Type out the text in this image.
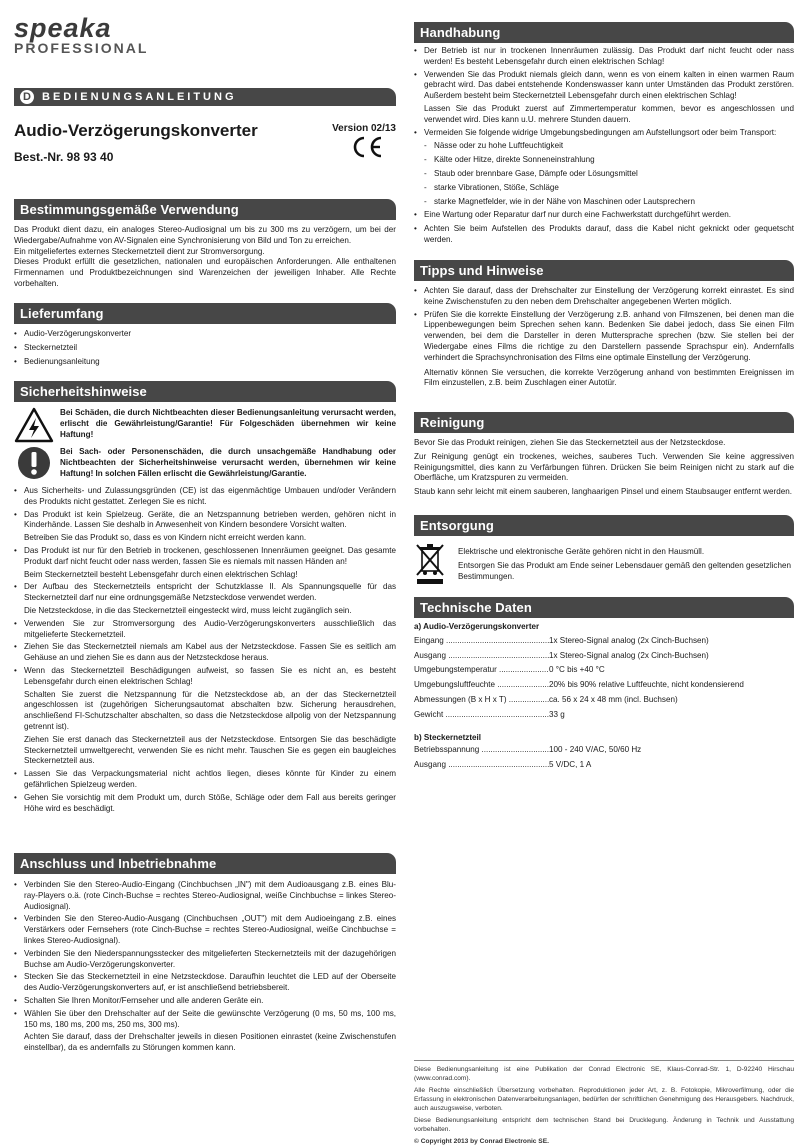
speaka
PROFESSIONAL
D BEDIENUNGSANLEITUNG
Audio-Verzögerungskonverter	Version 02/13
Best.-Nr. 98 93 40
Bestimmungsgemäße Verwendung

Das Produkt dient dazu, ein analoges Stereo-Audiosignal um bis zu 300 ms zu verzögern, um bei der Wiedergabe/Aufnahme von AV-Signalen eine Synchronisierung von Bild und Ton zu erreichen.

Ein mitgeliefertes externes Steckernetzteil dient zur Stromversorgung.

Dieses Produkt erfüllt die gesetzlichen, nationalen und europäischen Anforderungen. Alle enthaltenen Firmennamen und Produktbezeichnungen sind Warenzeichen der jeweiligen Inhaber. Alle Rechte vorbehalten.

Lieferumfang
• Audio-Verzögerungskonverter
• Steckernetzteil
• Bedienungsanleitung
Sicherheitshinweise
Bei Schäden, die durch Nichtbeachten dieser Bedienungsanleitung verursacht werden, erlischt die Gewährleistung/Garantie! Für Folgeschäden übernehmen wir keine Haftung!
Bei Sach- oder Personenschäden, die durch unsachgemäße Handhabung oder Nichtbeachten der Sicherheitshinweise verursacht werden, übernehmen wir keine Haftung! In solchen Fällen erlischt die Gewährleistung/Garantie.
• Aus Sicherheits- und Zulassungsgründen (CE) ist das eigenmächtige Umbauen und/oder Verändern des Produkts nicht gestattet. Zerlegen Sie es nicht.
• Das Produkt ist kein Spielzeug. Geräte, die an Netzspannung betrieben werden, gehören nicht in Kinderhände. Lassen Sie deshalb in Anwesenheit von Kindern besondere Vorsicht walten.

Betreiben Sie das Produkt so, dass es von Kindern nicht erreicht werden kann.

• Das Produkt ist nur für den Betrieb in trockenen, geschlossenen Innenräumen geeignet. Das gesamte Produkt darf nicht feucht oder nass werden, fassen Sie es niemals mit nassen Händen an!

Beim Steckernetzteil besteht Lebensgefahr durch einen elektrischen Schlag!

• Der Aufbau des Steckernetzteils entspricht der Schutzklasse II. Als Spannungsquelle für das Steckernetzteil darf nur eine ordnungsgemäße Netzsteckdose verwendet werden.

Die Netzsteckdose, in die das Steckernetzteil eingesteckt wird, muss leicht zugänglich sein.

• Verwenden Sie zur Stromversorgung des Audio-Verzögerungskonverters ausschließlich das mitgelieferte Steckernetzteil.
• Ziehen Sie das Steckernetzteil niemals am Kabel aus der Netzsteckdose. Fassen Sie es seitlich am Gehäuse an und ziehen Sie es dann aus der Netzsteckdose heraus.
• Wenn das Steckernetzteil Beschädigungen aufweist, so fassen Sie es nicht an, es besteht Lebensgefahr durch einen elektrischen Schlag!

Schalten Sie zuerst die Netzspannung für die Netzsteckdose ab, an der das Steckernetzteil angeschlossen ist (zugehörigen Sicherungsautomat abschalten bzw. Sicherung herausdrehen, anschließend FI-Schutzschalter abschalten, so dass die Netzsteckdose allpolig von der Netzspannung getrennt ist).

Ziehen Sie erst danach das Steckernetzteil aus der Netzsteckdose. Entsorgen Sie das beschädigte Steckernetzteil umweltgerecht, verwenden Sie es nicht mehr. Tauschen Sie es gegen ein baugleiches Steckernetzteil aus.

• Lassen Sie das Verpackungsmaterial nicht achtlos liegen, dieses könnte für Kinder zu einem gefährlichen Spielzeug werden.
• Gehen Sie vorsichtig mit dem Produkt um, durch Stöße, Schläge oder dem Fall aus bereits geringer Höhe wird es beschädigt.
Anschluss und Inbetriebnahme
• Verbinden Sie den Stereo-Audio-Eingang (Cinchbuchsen „IN") mit dem Audioausgang z.B. eines Blu-ray-Players o.ä. (rote Cinch-Buchse = rechtes Stereo-Audiosignal, weiße Cinchbuchse = linkes Stereo-Audiosignal).
• Verbinden Sie den Stereo-Audio-Ausgang (Cinchbuchsen „OUT") mit dem Audioeingang z.B. eines Verstärkers oder Fernsehers (rote Cinch-Buchse = rechtes Stereo-Audiosignal, weiße Cinchbuchse = linkes Stereo-Audiosignal).
• Verbinden Sie den Niederspannungsstecker des mitgelieferten Steckernetzteils mit der dazugehörigen Buchse am Audio-Verzögerungskonverter.
• Stecken Sie das Steckernetzteil in eine Netzsteckdose. Daraufhin leuchtet die LED auf der Oberseite des Audio-Verzögerungskonverters auf, er ist anschließend betriebsbereit.
• Schalten Sie Ihren Monitor/Fernseher und alle anderen Geräte ein.
• Wählen Sie über den Drehschalter auf der Seite die gewünschte Verzögerung (0 ms, 50 ms, 100 ms, 150 ms, 180 ms, 200 ms, 250 ms, 300 ms).

Achten Sie darauf, dass der Drehschalter jeweils in diesen Positionen einrastet (keine Zwischenstufen einstellbar), da es andernfalls zu Störungen kommen kann.

Handhabung
• Der Betrieb ist nur in trockenen Innenräumen zulässig. Das Produkt darf nicht feucht oder nass werden! Es besteht Lebensgefahr durch einen elektrischen Schlag!
• Verwenden Sie das Produkt niemals gleich dann, wenn es von einem kalten in einen warmen Raum gebracht wird. Das dabei entstehende Kondenswasser kann unter Umständen das Produkt zerstören. Außerdem besteht beim Steckernetzteil Lebensgefahr durch einen elektrischen Schlag!

Lassen Sie das Produkt zuerst auf Zimmertemperatur kommen, bevor es angeschlossen und verwendet wird. Dies kann u.U. mehrere Stunden dauern.

• Vermeiden Sie folgende widrige Umgebungsbedingungen am Aufstellungsort oder beim Transport:
- Nässe oder zu hohe Luftfeuchtigkeit
- Kälte oder Hitze, direkte Sonneneinstrahlung
- Staub oder brennbare Gase, Dämpfe oder Lösungsmittel
- starke Vibrationen, Stöße, Schläge
- starke Magnetfelder, wie in der Nähe von Maschinen oder Lautsprechern
• Eine Wartung oder Reparatur darf nur durch eine Fachwerkstatt durchgeführt werden.
• Achten Sie beim Aufstellen des Produkts darauf, dass die Kabel nicht geknickt oder gequetscht werden.
Tipps und Hinweise
• Achten Sie darauf, dass der Drehschalter zur Einstellung der Verzögerung korrekt einrastet. Es sind keine Zwischenstufen zu den neben dem Drehschalter angegebenen Werten möglich.
• Prüfen Sie die korrekte Einstellung der Verzögerung z.B. anhand von Filmszenen, bei denen man die Lippenbewegungen beim Sprechen sehen kann. Bedenken Sie dabei jedoch, dass Sie einen Film verwenden, bei dem die Darsteller in deren Muttersprache sprechen (bzw. Sie stellen bei der Wiedergabe eines Films die richtige zu den Darstellern passende Sprachspur ein). Andernfalls verhindert die Sprachsynchronisation des Films eine optimale Einstellung der Verzögerung.

Alternativ können Sie versuchen, die korrekte Verzögerung anhand von bestimmten Ereignissen im Film einzustellen, z.B. beim Zuschlagen einer Autotür.

Reinigung

Bevor Sie das Produkt reinigen, ziehen Sie das Steckernetzteil aus der Netzsteckdose.

Zur Reinigung genügt ein trockenes, weiches, sauberes Tuch. Verwenden Sie keine aggressiven Reinigungsmittel, dies kann zu Verfärbungen führen. Drücken Sie beim Reinigen nicht zu stark auf die Oberfläche, um Kratzspuren zu vermeiden.

Staub kann sehr leicht mit einem sauberen, langhaarigen Pinsel und einem Staubsauger entfernt werden.

Entsorgung

Elektrische und elektronische Geräte gehören nicht in den Hausmüll.

Entsorgen Sie das Produkt am Ende seiner Lebensdauer gemäß den geltenden gesetzlichen Bestimmungen.

Technische Daten

a) Audio-Verzögerungskonverter

Eingang .....	1x Stereo-Signal analog (2x Cinch-Buchsen)
Ausgang .....	1x Stereo-Signal analog (2x Cinch-Buchsen)
Umgebungstemperatur .....	0 °C bis +40 °C
Umgebungsluftfeuchte .....	20% bis 90% relative Luftfeuchte, nicht kondensierend
Abmessungen (B x H x T) .....	ca. 56 x 24 x 48 mm (incl. Buchsen)
Gewicht .....	33 g

b) Steckernetzteil

Betriebsspannung .....	100 - 240 V/AC, 50/60 Hz
Ausgang .....	5 V/DC, 1 A

Diese Bedienungsanleitung ist eine Publikation der Conrad Electronic SE, Klaus-Conrad-Str. 1, D-92240 Hirschau (www.conrad.com).

Alle Rechte einschließlich Übersetzung vorbehalten. Reproduktionen jeder Art, z. B. Fotokopie, Mikroverfilmung, oder die Erfassung in elektronischen Datenverarbeitungsanlagen, bedürfen der schriftlichen Genehmigung des Herausgebers. Nachdruck, auch auszugsweise, verboten.

Diese Bedienungsanleitung entspricht dem technischen Stand bei Drucklegung. Änderung in Technik und Ausstattung vorbehalten.

© Copyright 2013 by Conrad Electronic SE.
